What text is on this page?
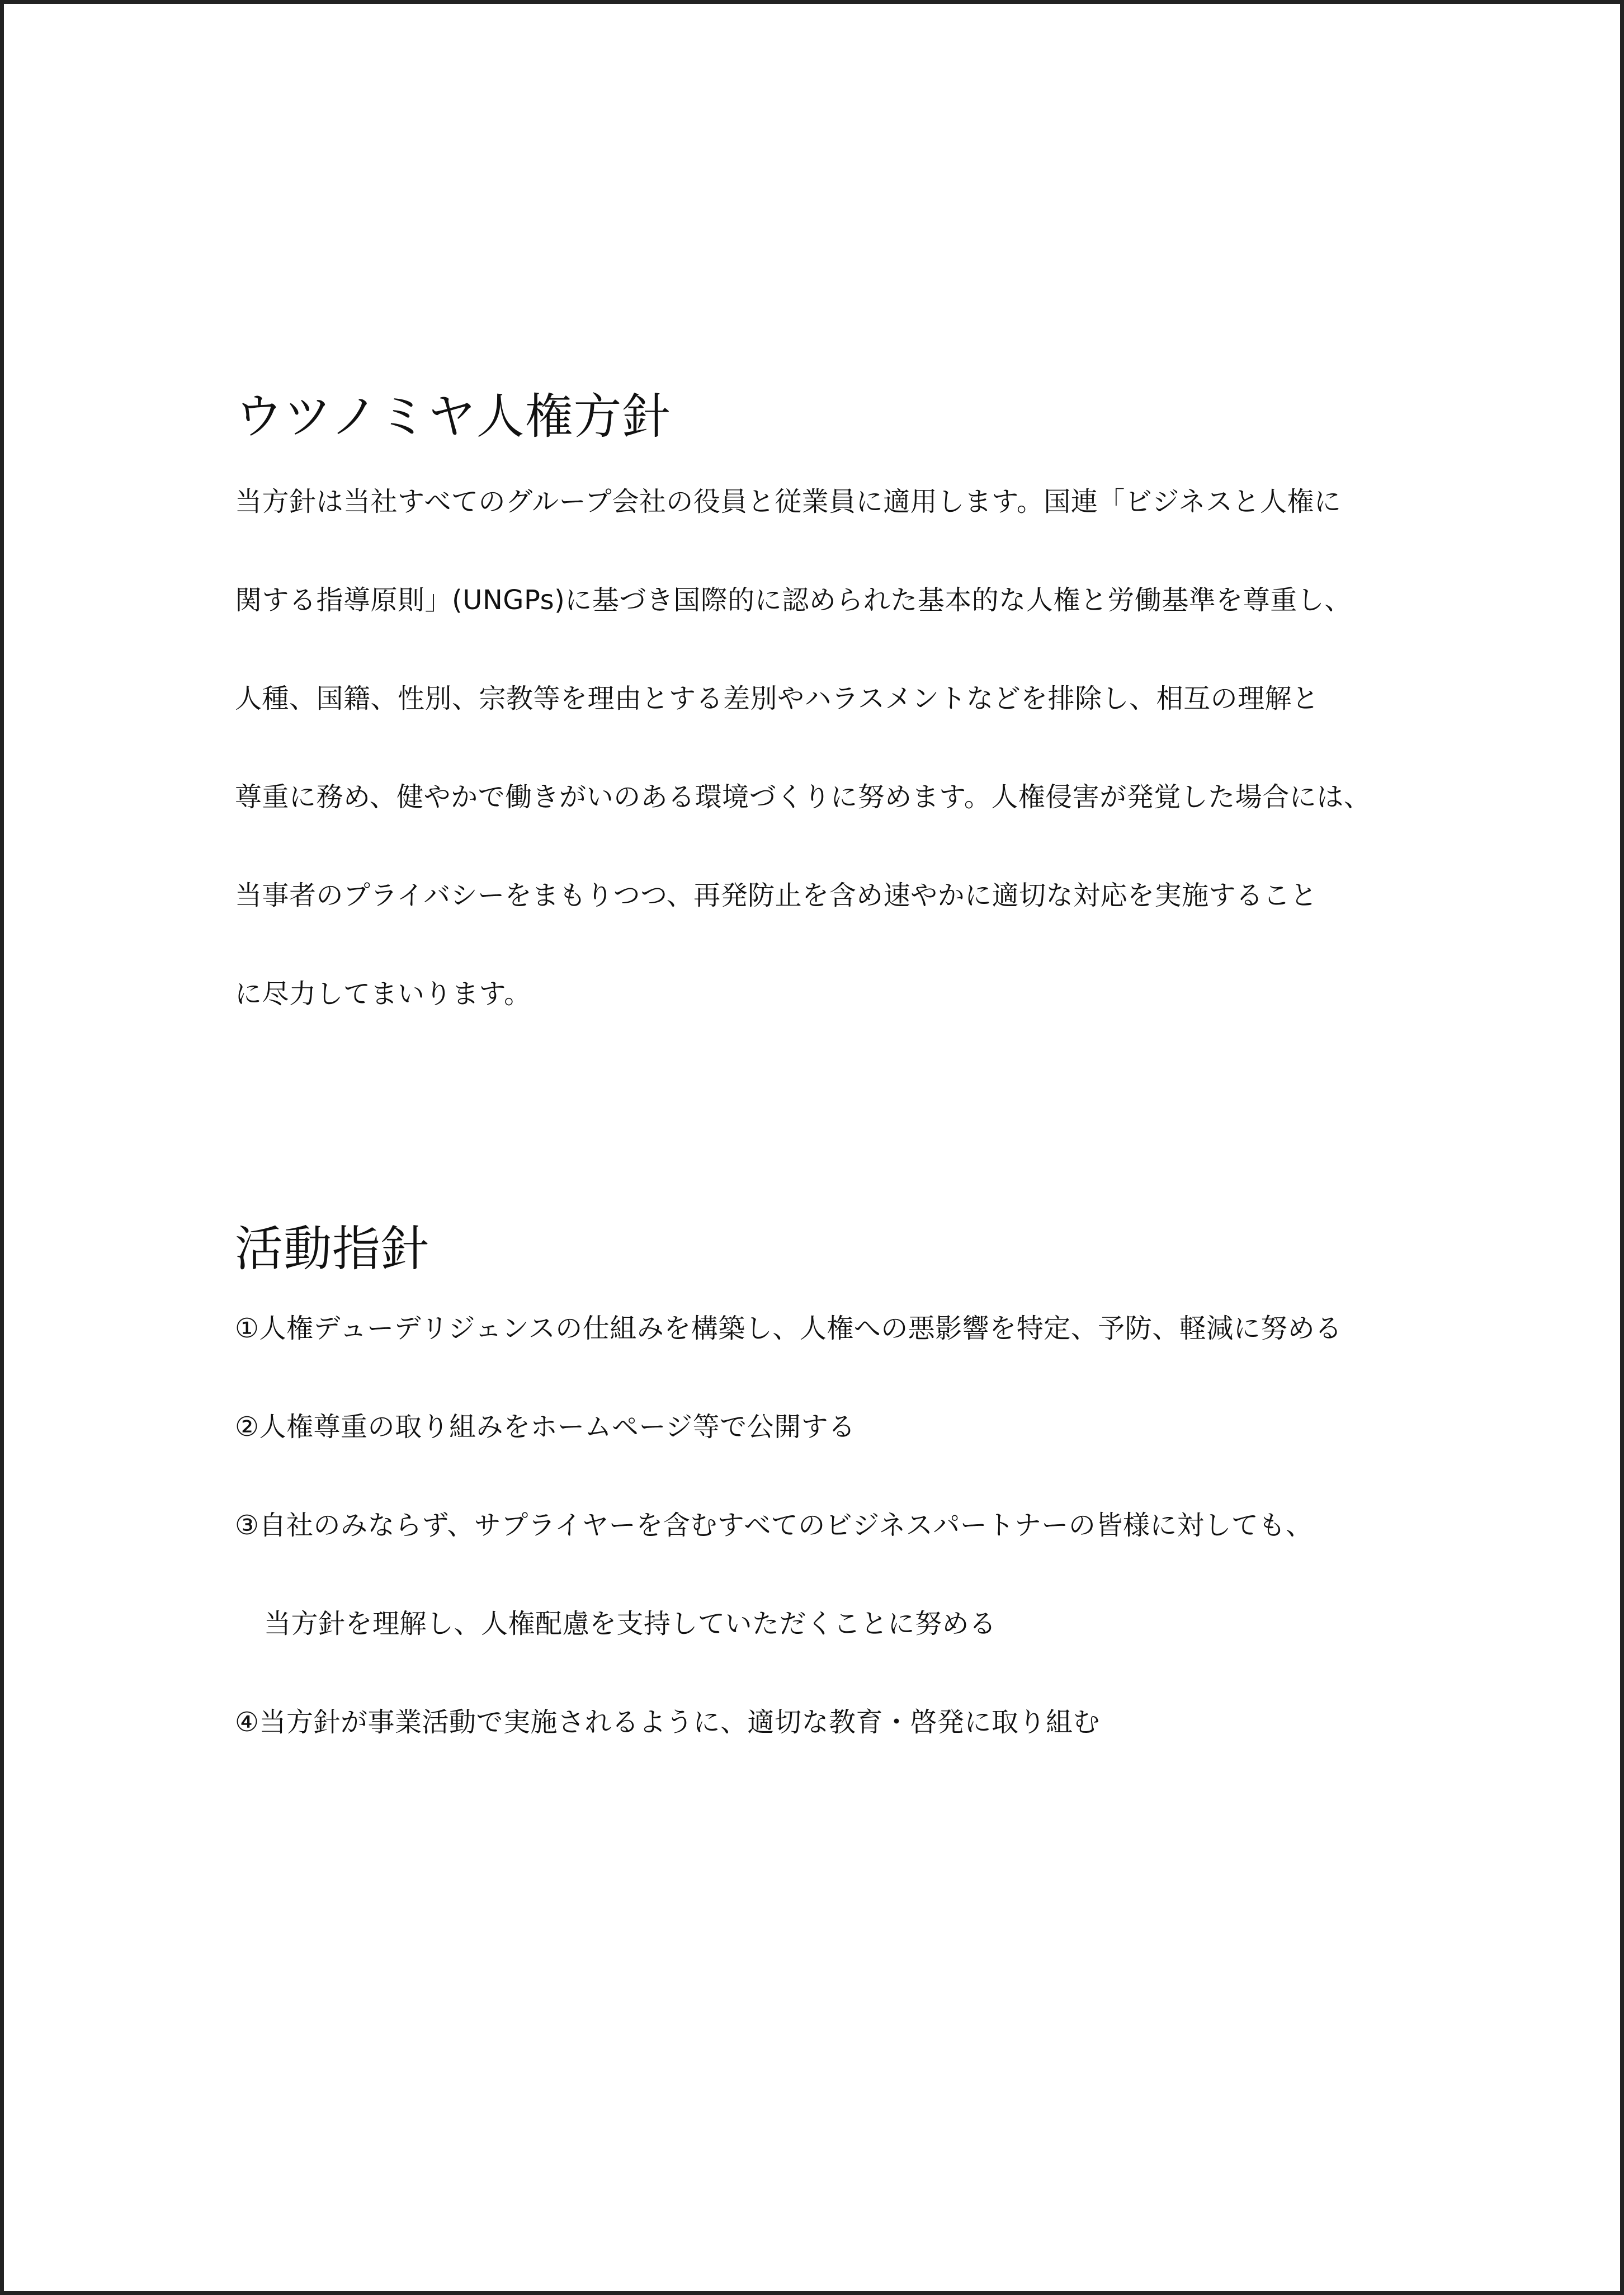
ウツノミヤ人権方針
当方針は当社すべてのグループ会社の役員と従業員に適用します。国連「ビジネスと人権に
関する指導原則」(UNGPs)に基づき国際的に認められた基本的な人権と労働基準を尊重し、
人種、国籍、性別、宗教等を理由とする差別やハラスメントなどを排除し、相互の理解と
尊重に務め、健やかで働きがいのある環境づくりに努めます。人権侵害が発覚した場合には、
当事者のプライバシーをまもりつつ、再発防止を含め速やかに適切な対応を実施すること
に尽力してまいります。
活動指針
①人権デューデリジェンスの仕組みを構築し、人権への悪影響を特定、予防、軽減に努める
②人権尊重の取り組みをホームページ等で公開する
③自社のみならず、サプライヤーを含むすべてのビジネスパートナーの皆様に対しても、
当方針を理解し、人権配慮を支持していただくことに努める
④当方針が事業活動で実施されるように、適切な教育・啓発に取り組む
